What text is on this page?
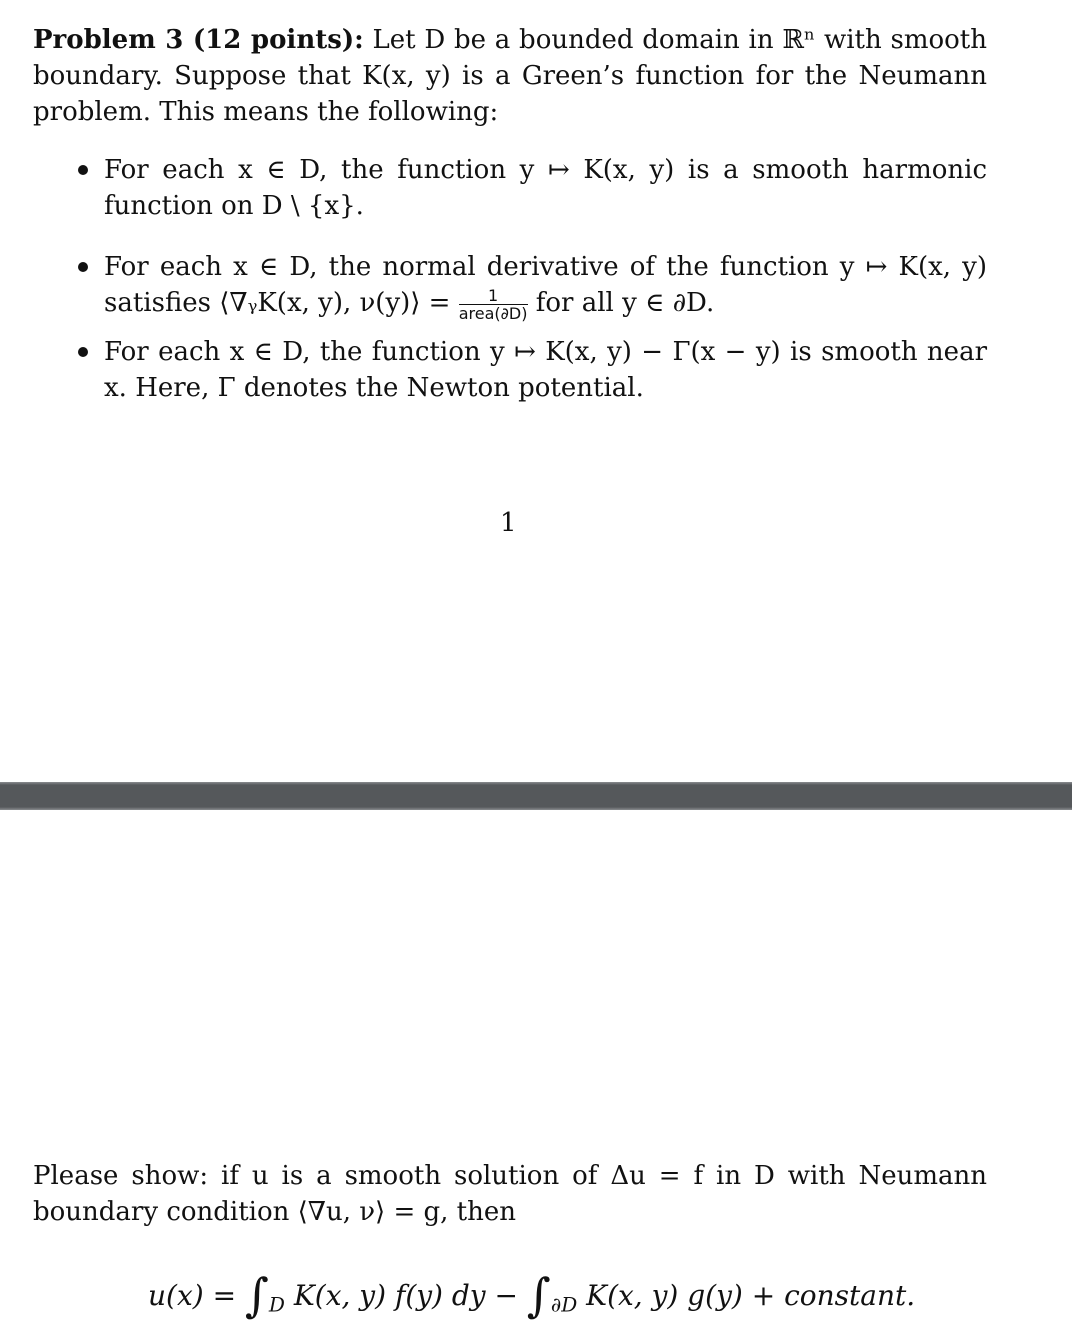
Problem 3 (12 points): Let D be a bounded domain in ℝⁿ with smooth boundary. Suppose that K(x, y) is a Green’s function for the Neumann problem. This means the following:

For each x ∈ D, the function y ↦ K(x, y) is a smooth harmonic function on D \ {x}.
For each x ∈ D, the normal derivative of the function y ↦ K(x, y) satisfies ⟨∇ᵧK(x, y), ν(y)⟩ = $\frac{1}{\text{area(∂D)}}$ for all y ∈ ∂D.
For each x ∈ D, the function y ↦ K(x, y) − Γ(x − y) is smooth near x. Here, Γ denotes the Newton potential.
1

Please show: if u is a smooth solution of Δu = f in D with Neumann boundary condition ⟨∇u, ν⟩ = g, then

$u(x) = \int_D$ K(x, y) f(y) dy − $\int_{\partial D}$ K(x, y) g(y) + constant.
